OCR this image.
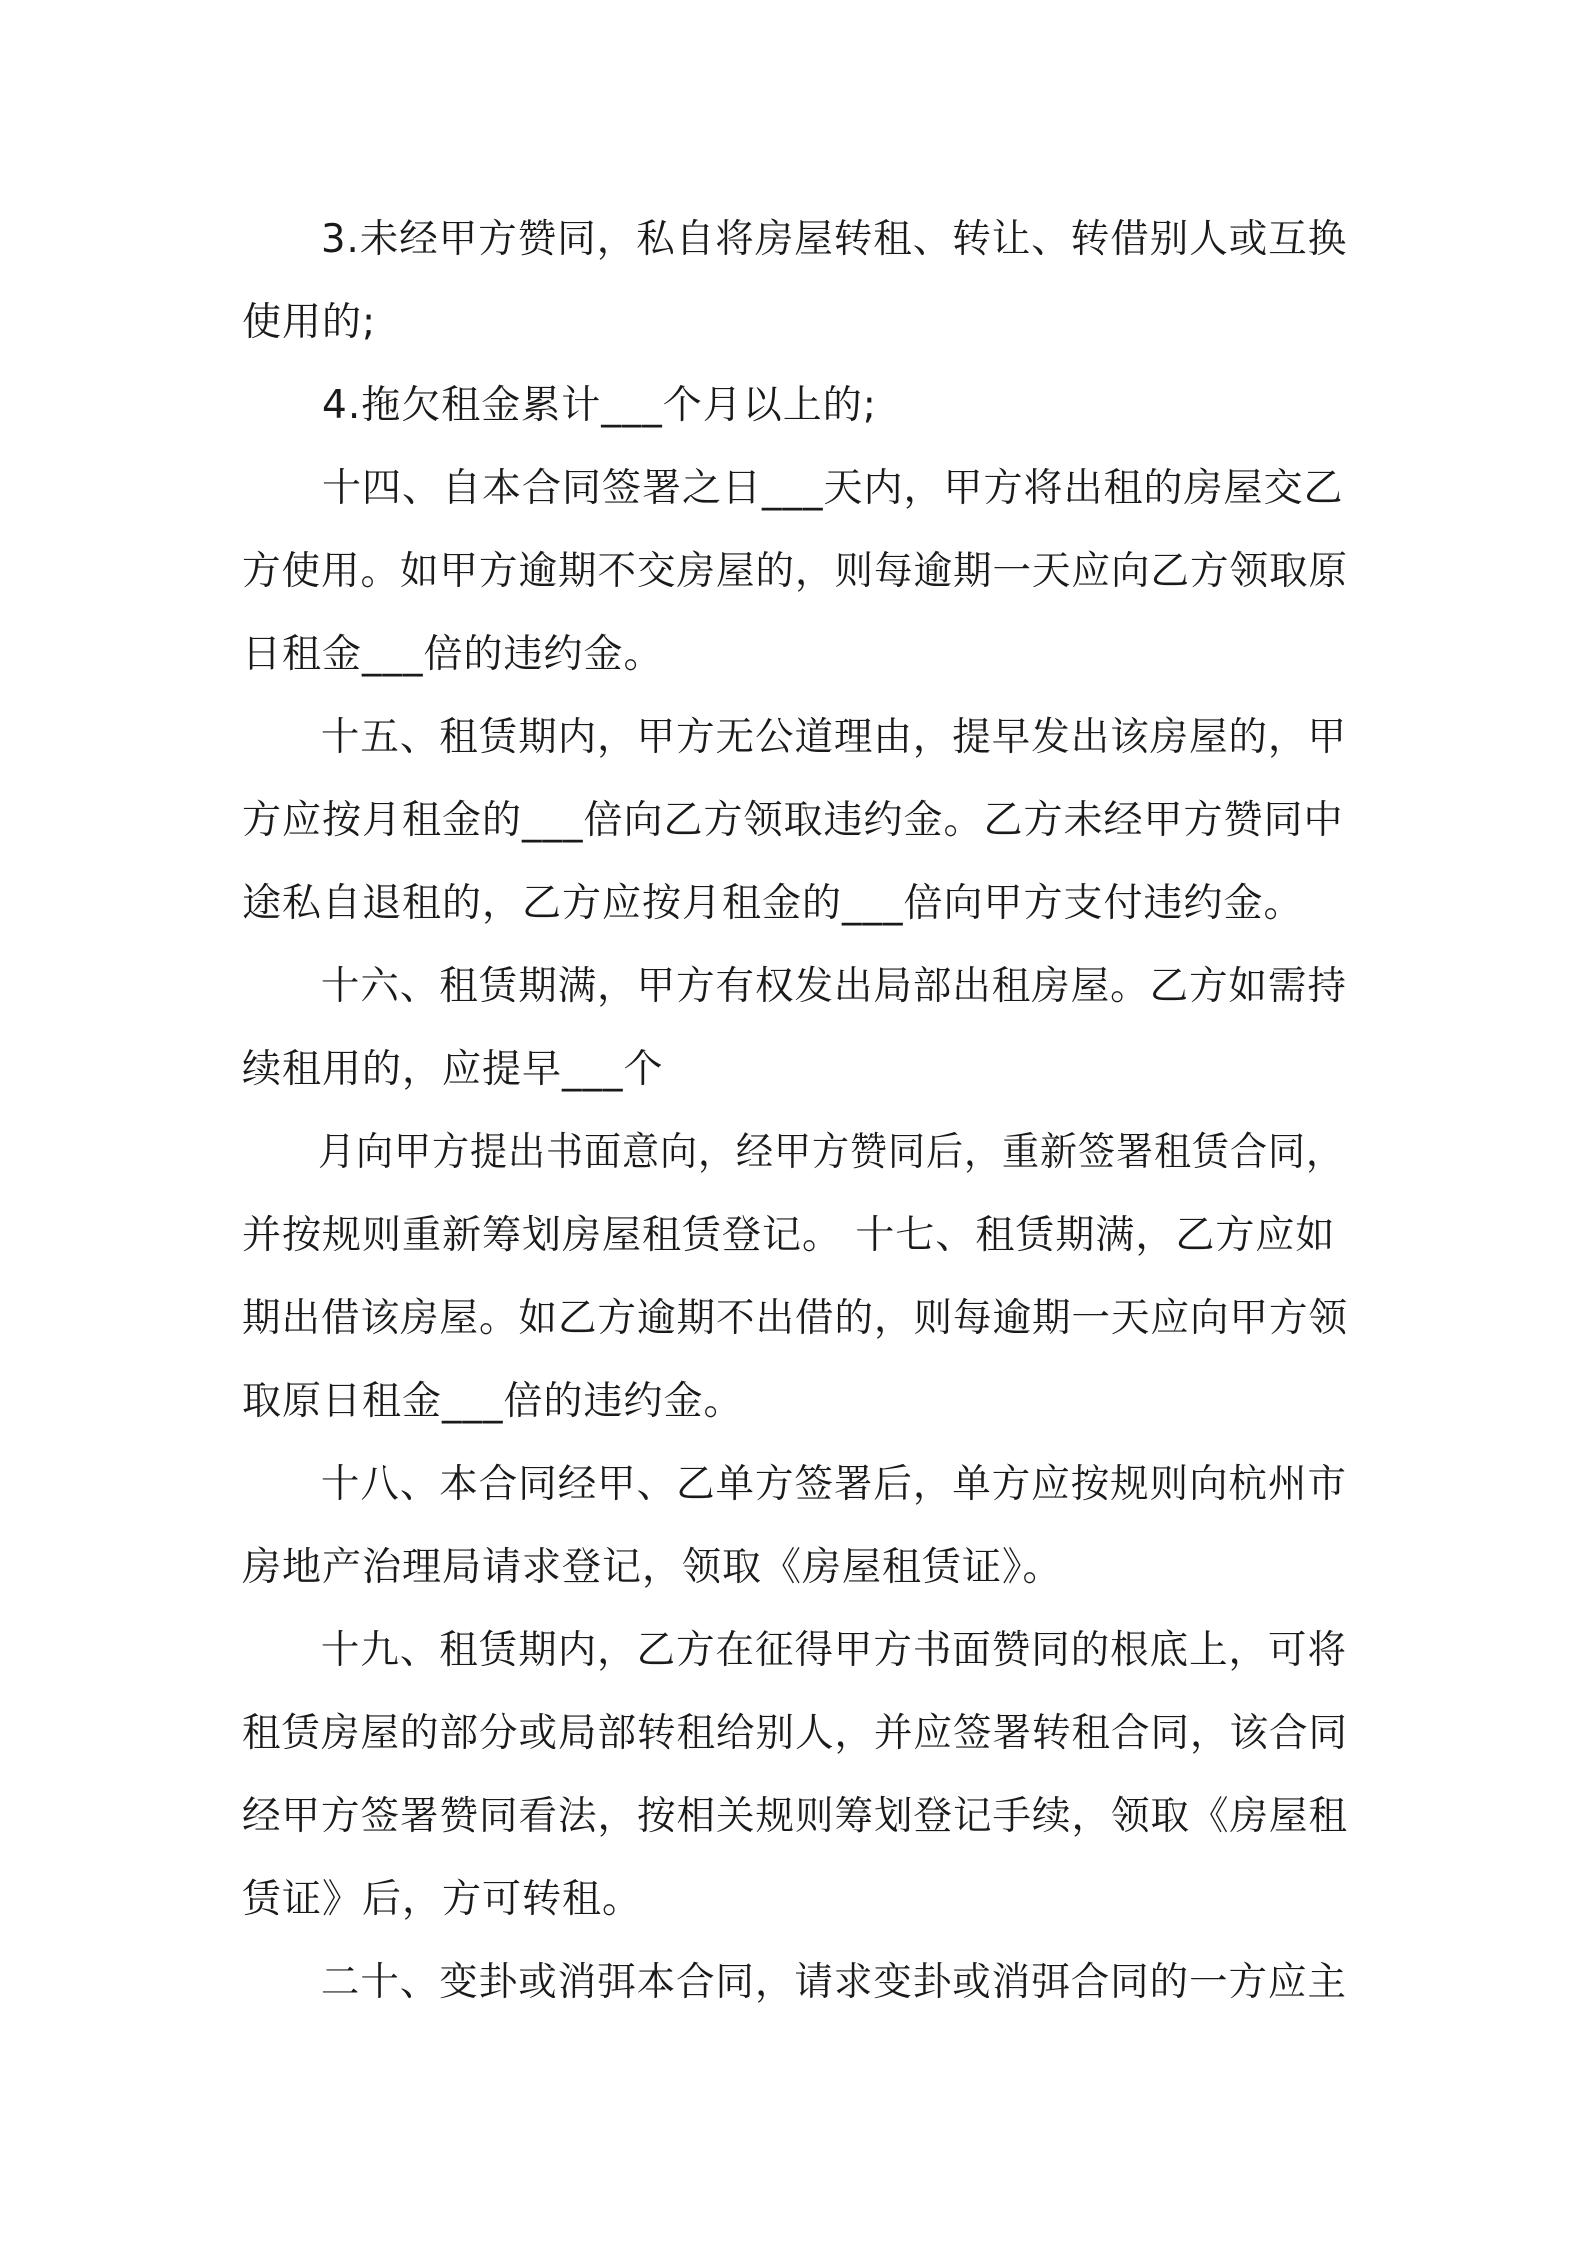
3.未经甲方赞同，私自将房屋转租、转让、转借别人或互换
使用的;
4.拖欠租金累计___个月以上的;
十四、自本合同签署之日___天内，甲方将出租的房屋交乙
方使用。如甲方逾期不交房屋的，则每逾期一天应向乙方领取原
日租金___倍的违约金。
十五、租赁期内，甲方无公道理由，提早发出该房屋的，甲
方应按月租金的___倍向乙方领取违约金。乙方未经甲方赞同中
途私自退租的，乙方应按月租金的___倍向甲方支付违约金。
十六、租赁期满，甲方有权发出局部出租房屋。乙方如需持
续租用的，应提早___个
月向甲方提出书面意向，经甲方赞同后，重新签署租赁合同，
并按规则重新筹划房屋租赁登记。 十七、租赁期满，乙方应如
期出借该房屋。如乙方逾期不出借的，则每逾期一天应向甲方领
取原日租金___倍的违约金。
十八、本合同经甲、乙单方签署后，单方应按规则向杭州市
房地产治理局请求登记，领取《房屋租赁证》。
十九、租赁期内，乙方在征得甲方书面赞同的根底上，可将
租赁房屋的部分或局部转租给别人，并应签署转租合同，该合同
经甲方签署赞同看法，按相关规则筹划登记手续，领取《房屋租
赁证》后，方可转租。
二十、变卦或消弭本合同，请求变卦或消弭合同的一方应主
